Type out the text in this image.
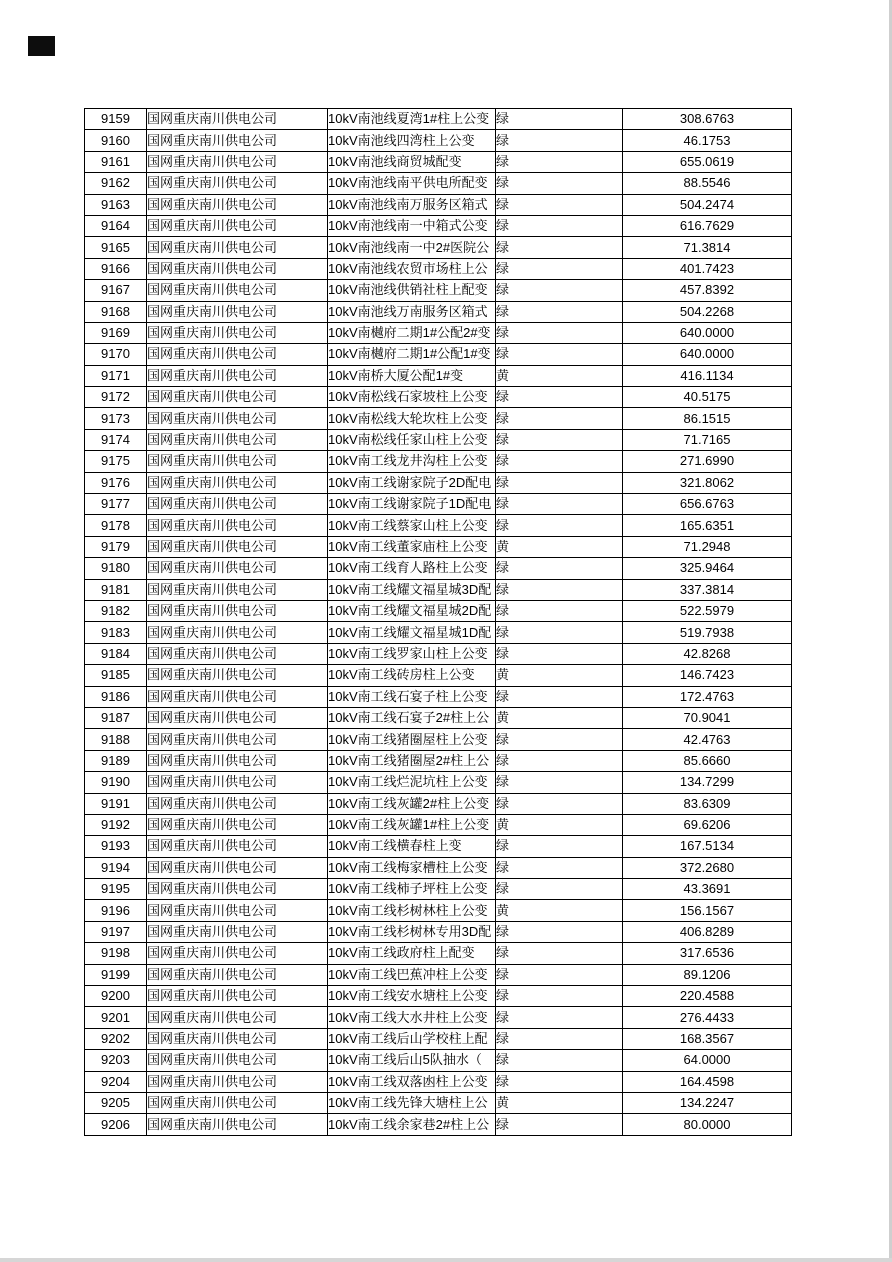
9159	国网重庆南川供电公司	10kV南池线夏湾1#柱上公变	绿	308.6763
9160	国网重庆南川供电公司	10kV南池线四湾柱上公变	绿	46.1753
9161	国网重庆南川供电公司	10kV南池线商贸城配变	绿	655.0619
9162	国网重庆南川供电公司	10kV南池线南平供电所配变	绿	88.5546
9163	国网重庆南川供电公司	10kV南池线南万服务区箱式	绿	504.2474
9164	国网重庆南川供电公司	10kV南池线南一中箱式公变	绿	616.7629
9165	国网重庆南川供电公司	10kV南池线南一中2#医院公	绿	71.3814
9166	国网重庆南川供电公司	10kV南池线农贸市场柱上公	绿	401.7423
9167	国网重庆南川供电公司	10kV南池线供销社柱上配变	绿	457.8392
9168	国网重庆南川供电公司	10kV南池线万南服务区箱式	绿	504.2268
9169	国网重庆南川供电公司	10kV南樾府二期1#公配2#变	绿	640.0000
9170	国网重庆南川供电公司	10kV南樾府二期1#公配1#变	绿	640.0000
9171	国网重庆南川供电公司	10kV南桥大厦公配1#变	黄	416.1134
9172	国网重庆南川供电公司	10kV南松线石家坡柱上公变	绿	40.5175
9173	国网重庆南川供电公司	10kV南松线大轮坎柱上公变	绿	86.1515
9174	国网重庆南川供电公司	10kV南松线任家山柱上公变	绿	71.7165
9175	国网重庆南川供电公司	10kV南工线龙井沟柱上公变	绿	271.6990
9176	国网重庆南川供电公司	10kV南工线谢家院子2D配电	绿	321.8062
9177	国网重庆南川供电公司	10kV南工线谢家院子1D配电	绿	656.6763
9178	国网重庆南川供电公司	10kV南工线蔡家山柱上公变	绿	165.6351
9179	国网重庆南川供电公司	10kV南工线董家庙柱上公变	黄	71.2948
9180	国网重庆南川供电公司	10kV南工线育人路柱上公变	绿	325.9464
9181	国网重庆南川供电公司	10kV南工线耀文福星城3D配	绿	337.3814
9182	国网重庆南川供电公司	10kV南工线耀文福星城2D配	绿	522.5979
9183	国网重庆南川供电公司	10kV南工线耀文福星城1D配	绿	519.7938
9184	国网重庆南川供电公司	10kV南工线罗家山柱上公变	绿	42.8268
9185	国网重庆南川供电公司	10kV南工线砖房柱上公变	黄	146.7423
9186	国网重庆南川供电公司	10kV南工线石宴子柱上公变	绿	172.4763
9187	国网重庆南川供电公司	10kV南工线石宴子2#柱上公	黄	70.9041
9188	国网重庆南川供电公司	10kV南工线猪圈屋柱上公变	绿	42.4763
9189	国网重庆南川供电公司	10kV南工线猪圈屋2#柱上公	绿	85.6660
9190	国网重庆南川供电公司	10kV南工线烂泥坑柱上公变	绿	134.7299
9191	国网重庆南川供电公司	10kV南工线灰罐2#柱上公变	绿	83.6309
9192	国网重庆南川供电公司	10kV南工线灰罐1#柱上公变	黄	69.6206
9193	国网重庆南川供电公司	10kV南工线横春柱上变	绿	167.5134
9194	国网重庆南川供电公司	10kV南工线梅家槽柱上公变	绿	372.2680
9195	国网重庆南川供电公司	10kV南工线柿子坪柱上公变	绿	43.3691
9196	国网重庆南川供电公司	10kV南工线杉树林柱上公变	黄	156.1567
9197	国网重庆南川供电公司	10kV南工线杉树林专用3D配	绿	406.8289
9198	国网重庆南川供电公司	10kV南工线政府柱上配变	绿	317.6536
9199	国网重庆南川供电公司	10kV南工线巴蕉冲柱上公变	绿	89.1206
9200	国网重庆南川供电公司	10kV南工线安水塘柱上公变	绿	220.4588
9201	国网重庆南川供电公司	10kV南工线大水井柱上公变	绿	276.4433
9202	国网重庆南川供电公司	10kV南工线后山学校柱上配	绿	168.3567
9203	国网重庆南川供电公司	10kV南工线后山5队抽水（	绿	64.0000
9204	国网重庆南川供电公司	10kV南工线双落凼柱上公变	绿	164.4598
9205	国网重庆南川供电公司	10kV南工线先锋大塘柱上公	黄	134.2247
9206	国网重庆南川供电公司	10kV南工线余家巷2#柱上公	绿	80.0000
